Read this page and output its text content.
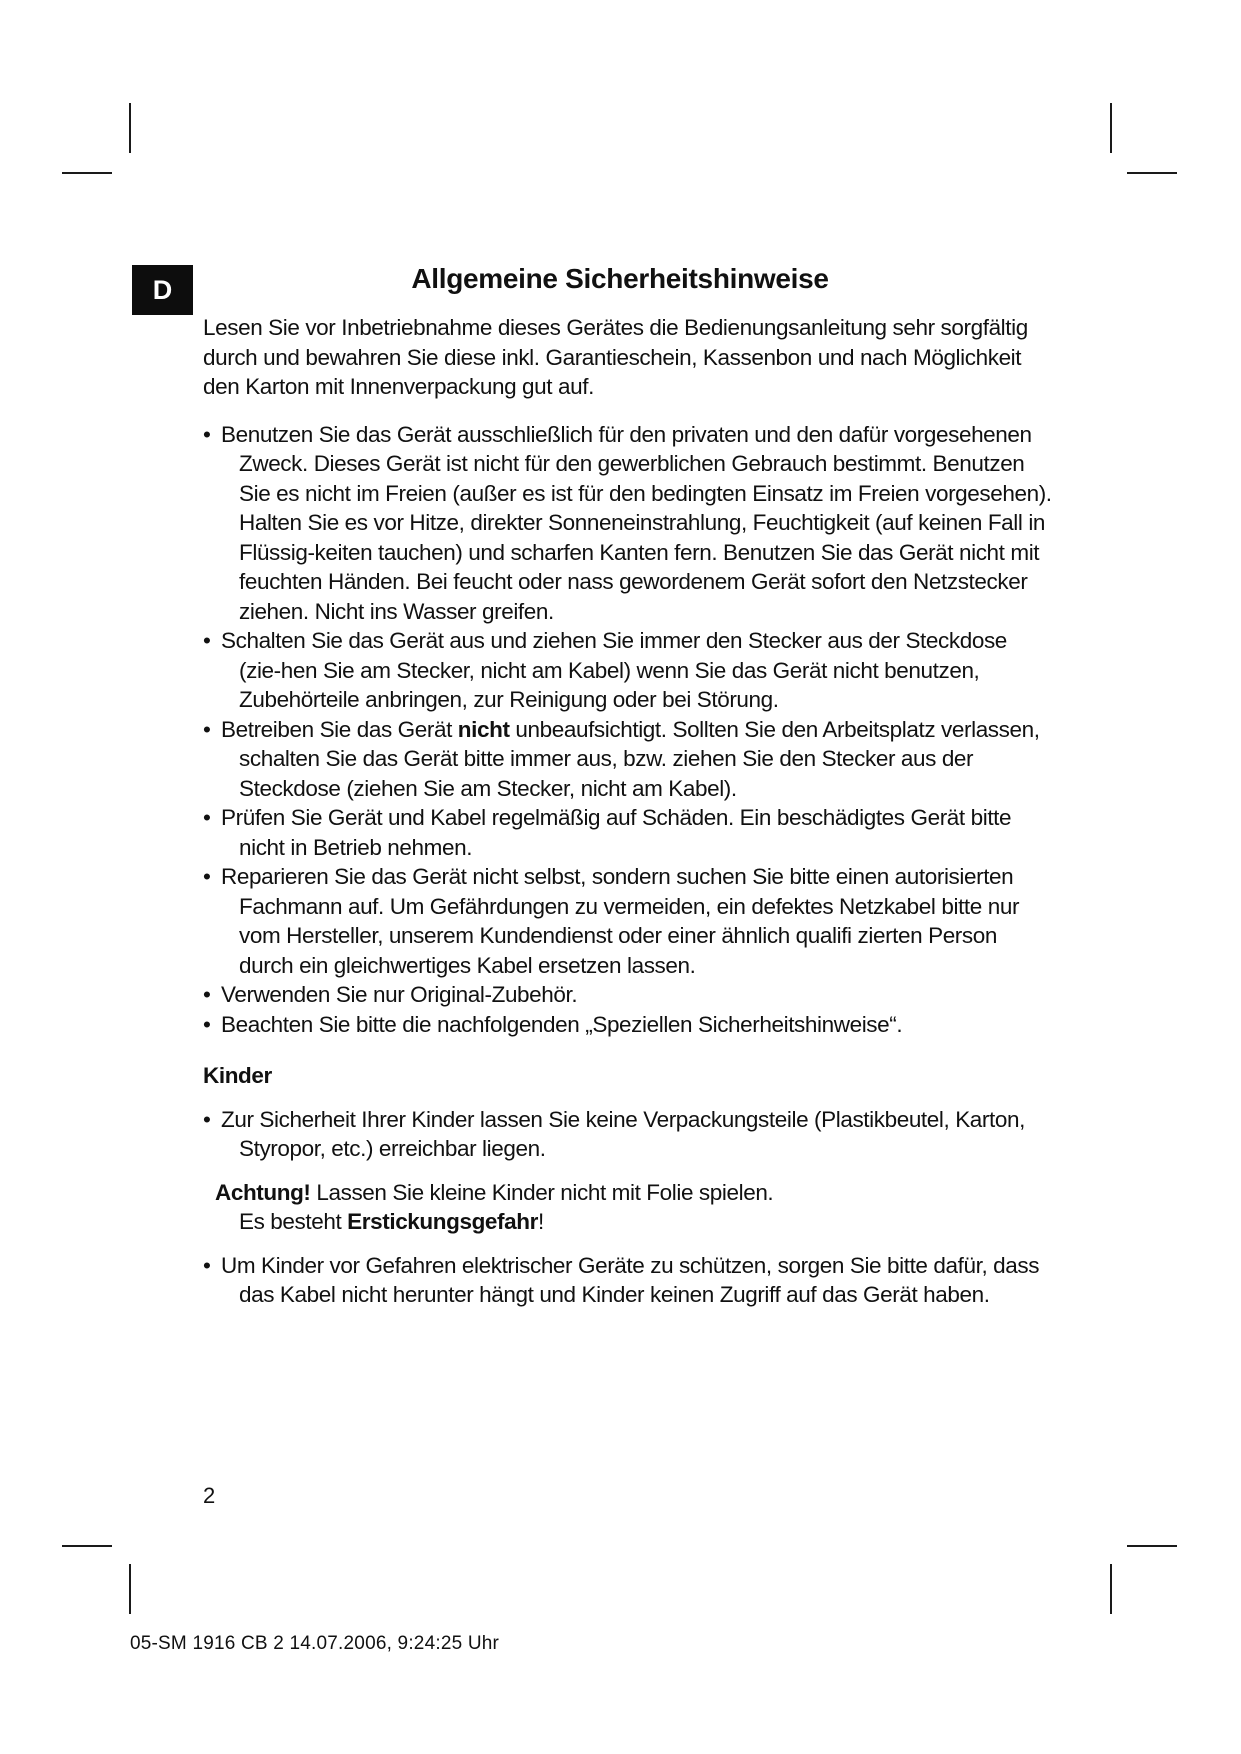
D	Allgemeine Sicherheitshinweise

Lesen Sie vor Inbetriebnahme dieses Gerätes die Bedienungsanleitung sehr sorgfältig durch und bewahren Sie diese inkl. Garantieschein, Kassenbon und nach Möglichkeit den Karton mit Innenverpackung gut auf.

• Benutzen Sie das Gerät ausschließlich für den privaten und den dafür vorgesehenen Zweck. Dieses Gerät ist nicht für den gewerblichen Gebrauch bestimmt. Benutzen Sie es nicht im Freien (außer es ist für den bedingten Einsatz im Freien vorgesehen). Halten Sie es vor Hitze, direkter Sonneneinstrahlung, Feuchtigkeit (auf keinen Fall in Flüssig-keiten tauchen) und scharfen Kanten fern. Benutzen Sie das Gerät nicht mit feuchten Händen. Bei feucht oder nass gewordenem Gerät sofort den Netzstecker ziehen. Nicht ins Wasser greifen.
• Schalten Sie das Gerät aus und ziehen Sie immer den Stecker aus der Steckdose (zie-hen Sie am Stecker, nicht am Kabel) wenn Sie das Gerät nicht benutzen, Zubehörteile anbringen, zur Reinigung oder bei Störung.
• Betreiben Sie das Gerät nicht unbeaufsichtigt. Sollten Sie den Arbeitsplatz verlassen, schalten Sie das Gerät bitte immer aus, bzw. ziehen Sie den Stecker aus der Steckdose (ziehen Sie am Stecker, nicht am Kabel).
• Prüfen Sie Gerät und Kabel regelmäßig auf Schäden. Ein beschädigtes Gerät bitte nicht in Betrieb nehmen.
• Reparieren Sie das Gerät nicht selbst, sondern suchen Sie bitte einen autorisierten Fachmann auf. Um Gefährdungen zu vermeiden, ein defektes Netzkabel bitte nur vom Hersteller, unserem Kundendienst oder einer ähnlich qualifi zierten Person durch ein gleichwertiges Kabel ersetzen lassen.
• Verwenden Sie nur Original-Zubehör.
• Beachten Sie bitte die nachfolgenden „Speziellen Sicherheitshinweise“.

Kinder

• Zur Sicherheit Ihrer Kinder lassen Sie keine Verpackungsteile (Plastikbeutel, Karton, Styropor, etc.) erreichbar liegen.

Achtung! Lassen Sie kleine Kinder nicht mit Folie spielen.
Es besteht Erstickungsgefahr!

• Um Kinder vor Gefahren elektrischer Geräte zu schützen, sorgen Sie bitte dafür, dass das Kabel nicht herunter hängt und Kinder keinen Zugriff auf das Gerät haben.
2
05-SM 1916 CB 2 14.07.2006, 9:24:25 Uhr
